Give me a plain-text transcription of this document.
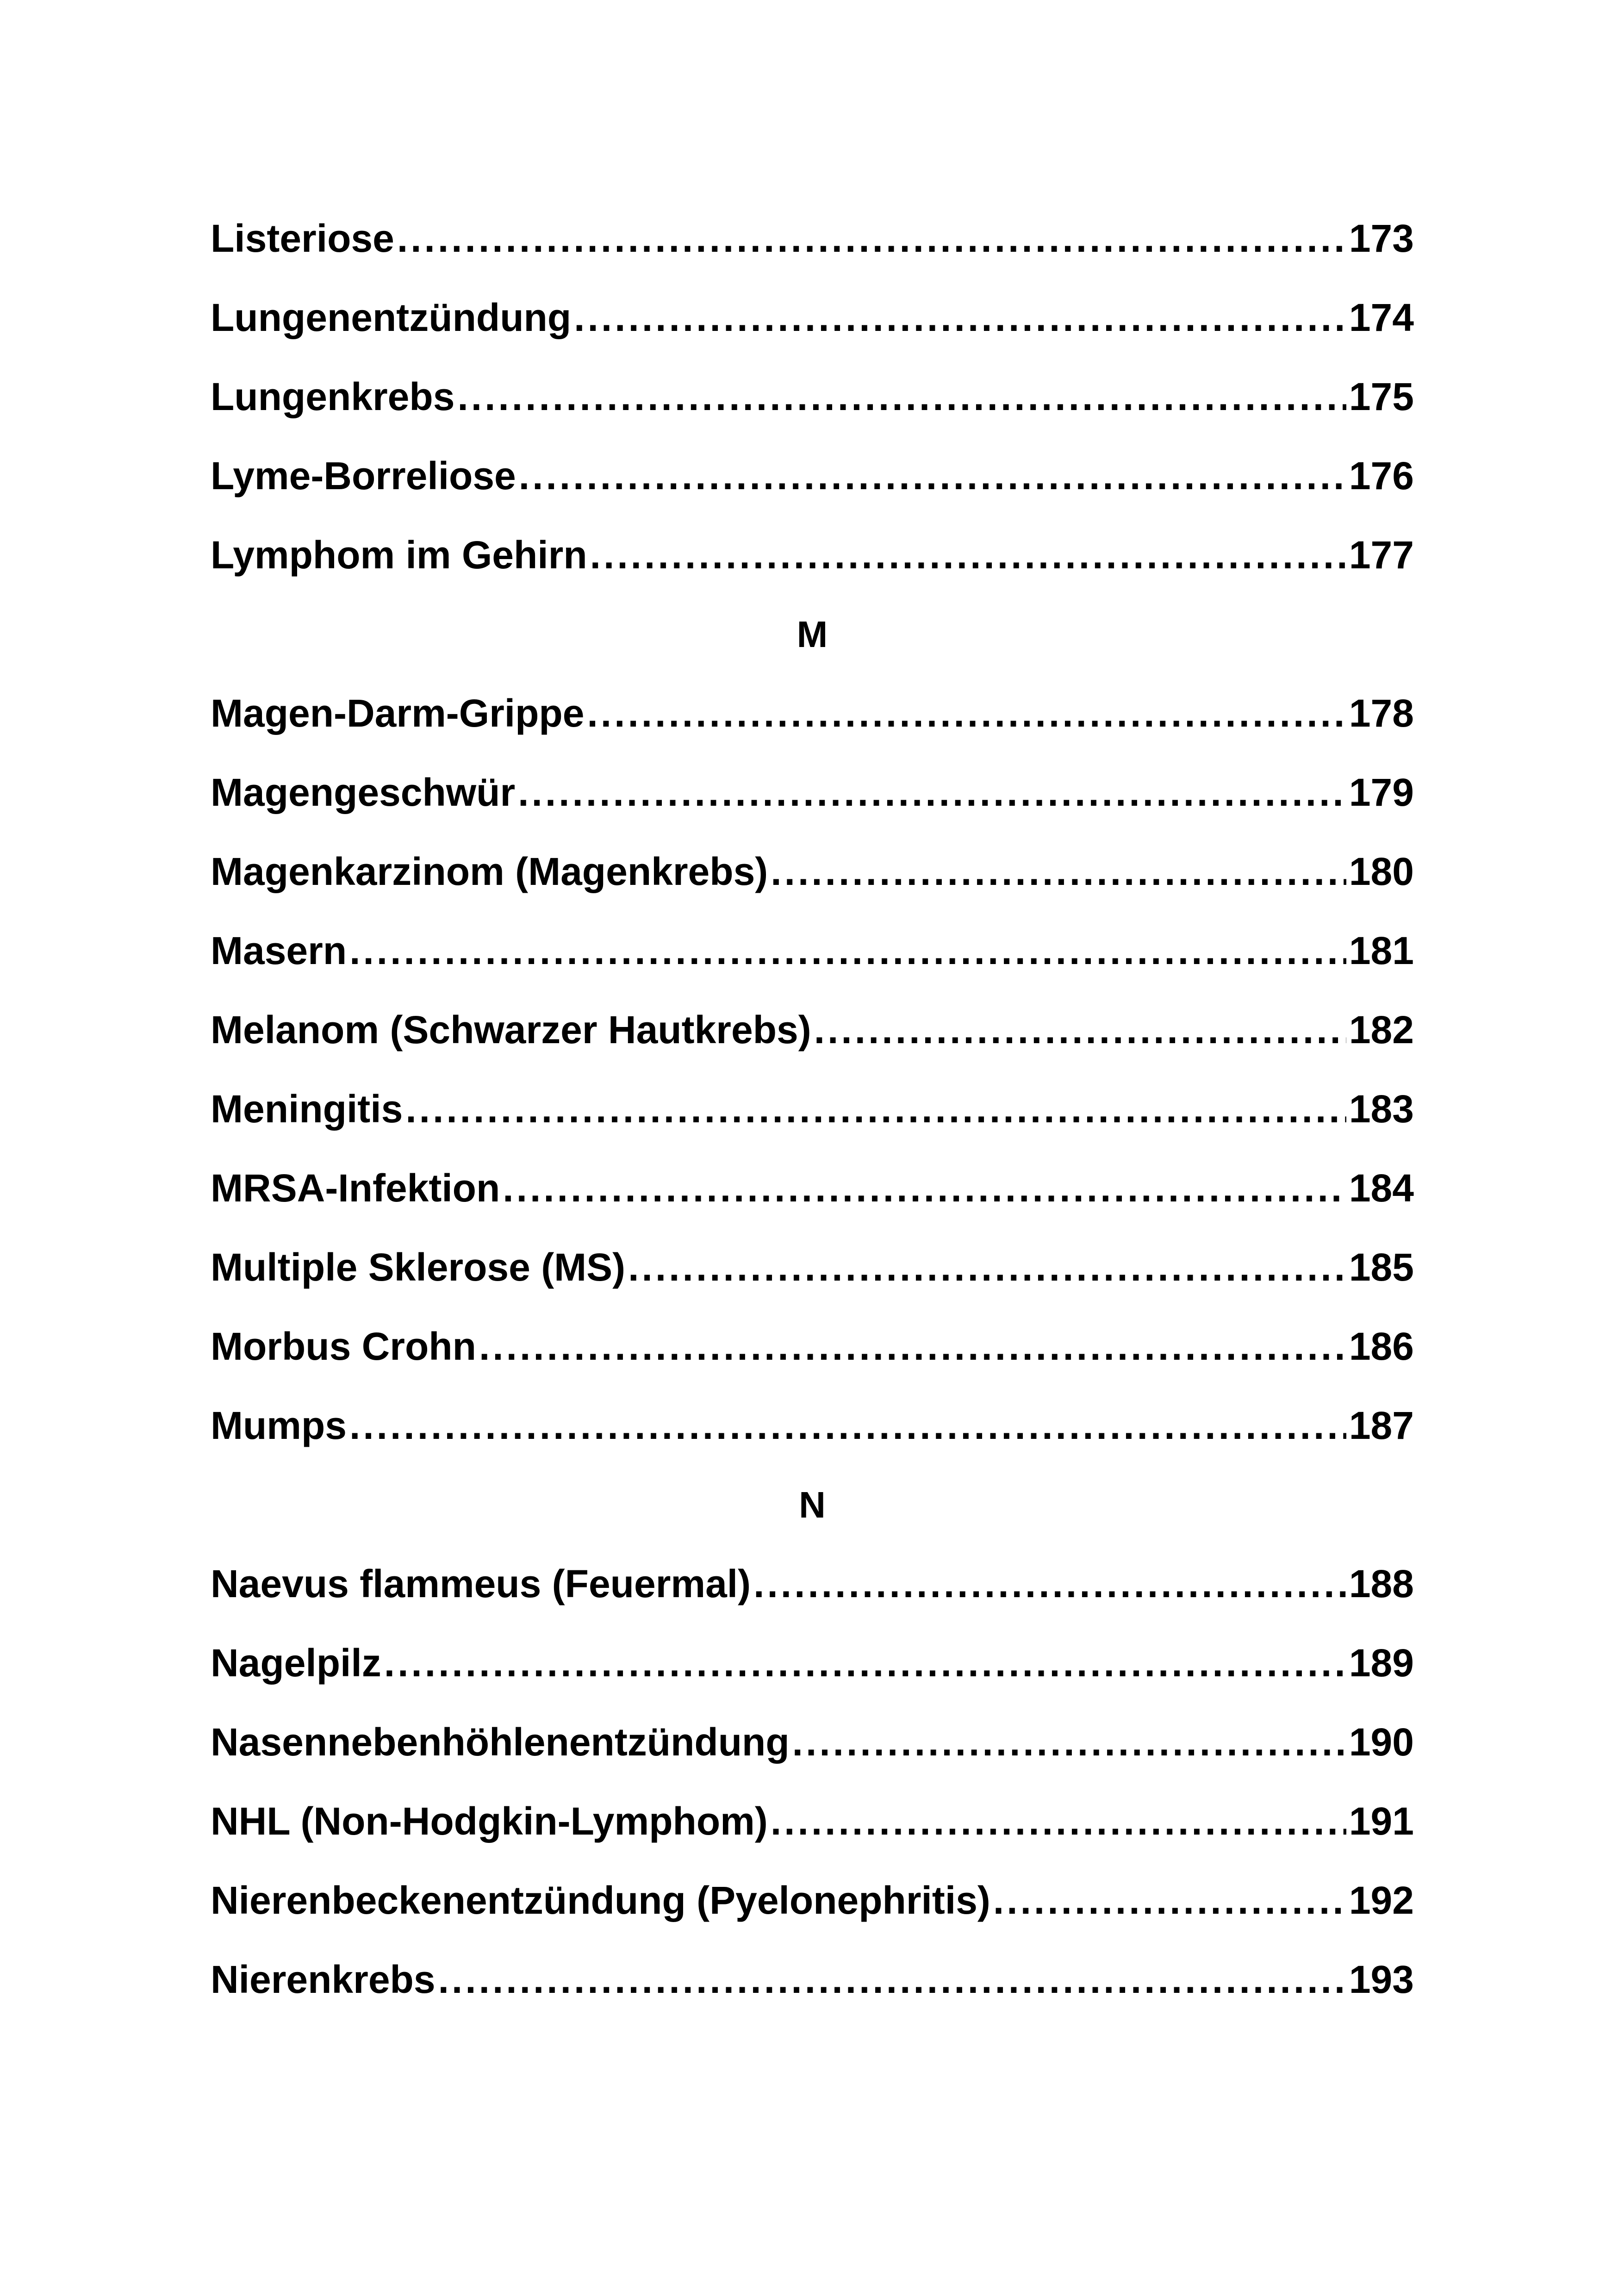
Listeriose .....	173
Lungenentzündung .....	174
Lungenkrebs .....	175
Lyme-Borreliose .....	176
Lymphom im Gehirn .....	177
M
Magen-Darm-Grippe .....	178
Magengeschwür .....	179
Magenkarzinom (Magenkrebs) .....	180
Masern .....	181
Melanom (Schwarzer Hautkrebs) .....	182
Meningitis .....	183
MRSA-Infektion .....	184
Multiple Sklerose (MS) .....	185
Morbus Crohn .....	186
Mumps .....	187
N
Naevus flammeus (Feuermal) .....	188
Nagelpilz .....	189
Nasennebenhöhlenentzündung .....	190
NHL (Non-Hodgkin-Lymphom) .....	191
Nierenbeckenentzündung (Pyelonephritis) .....	192
Nierenkrebs .....	193
